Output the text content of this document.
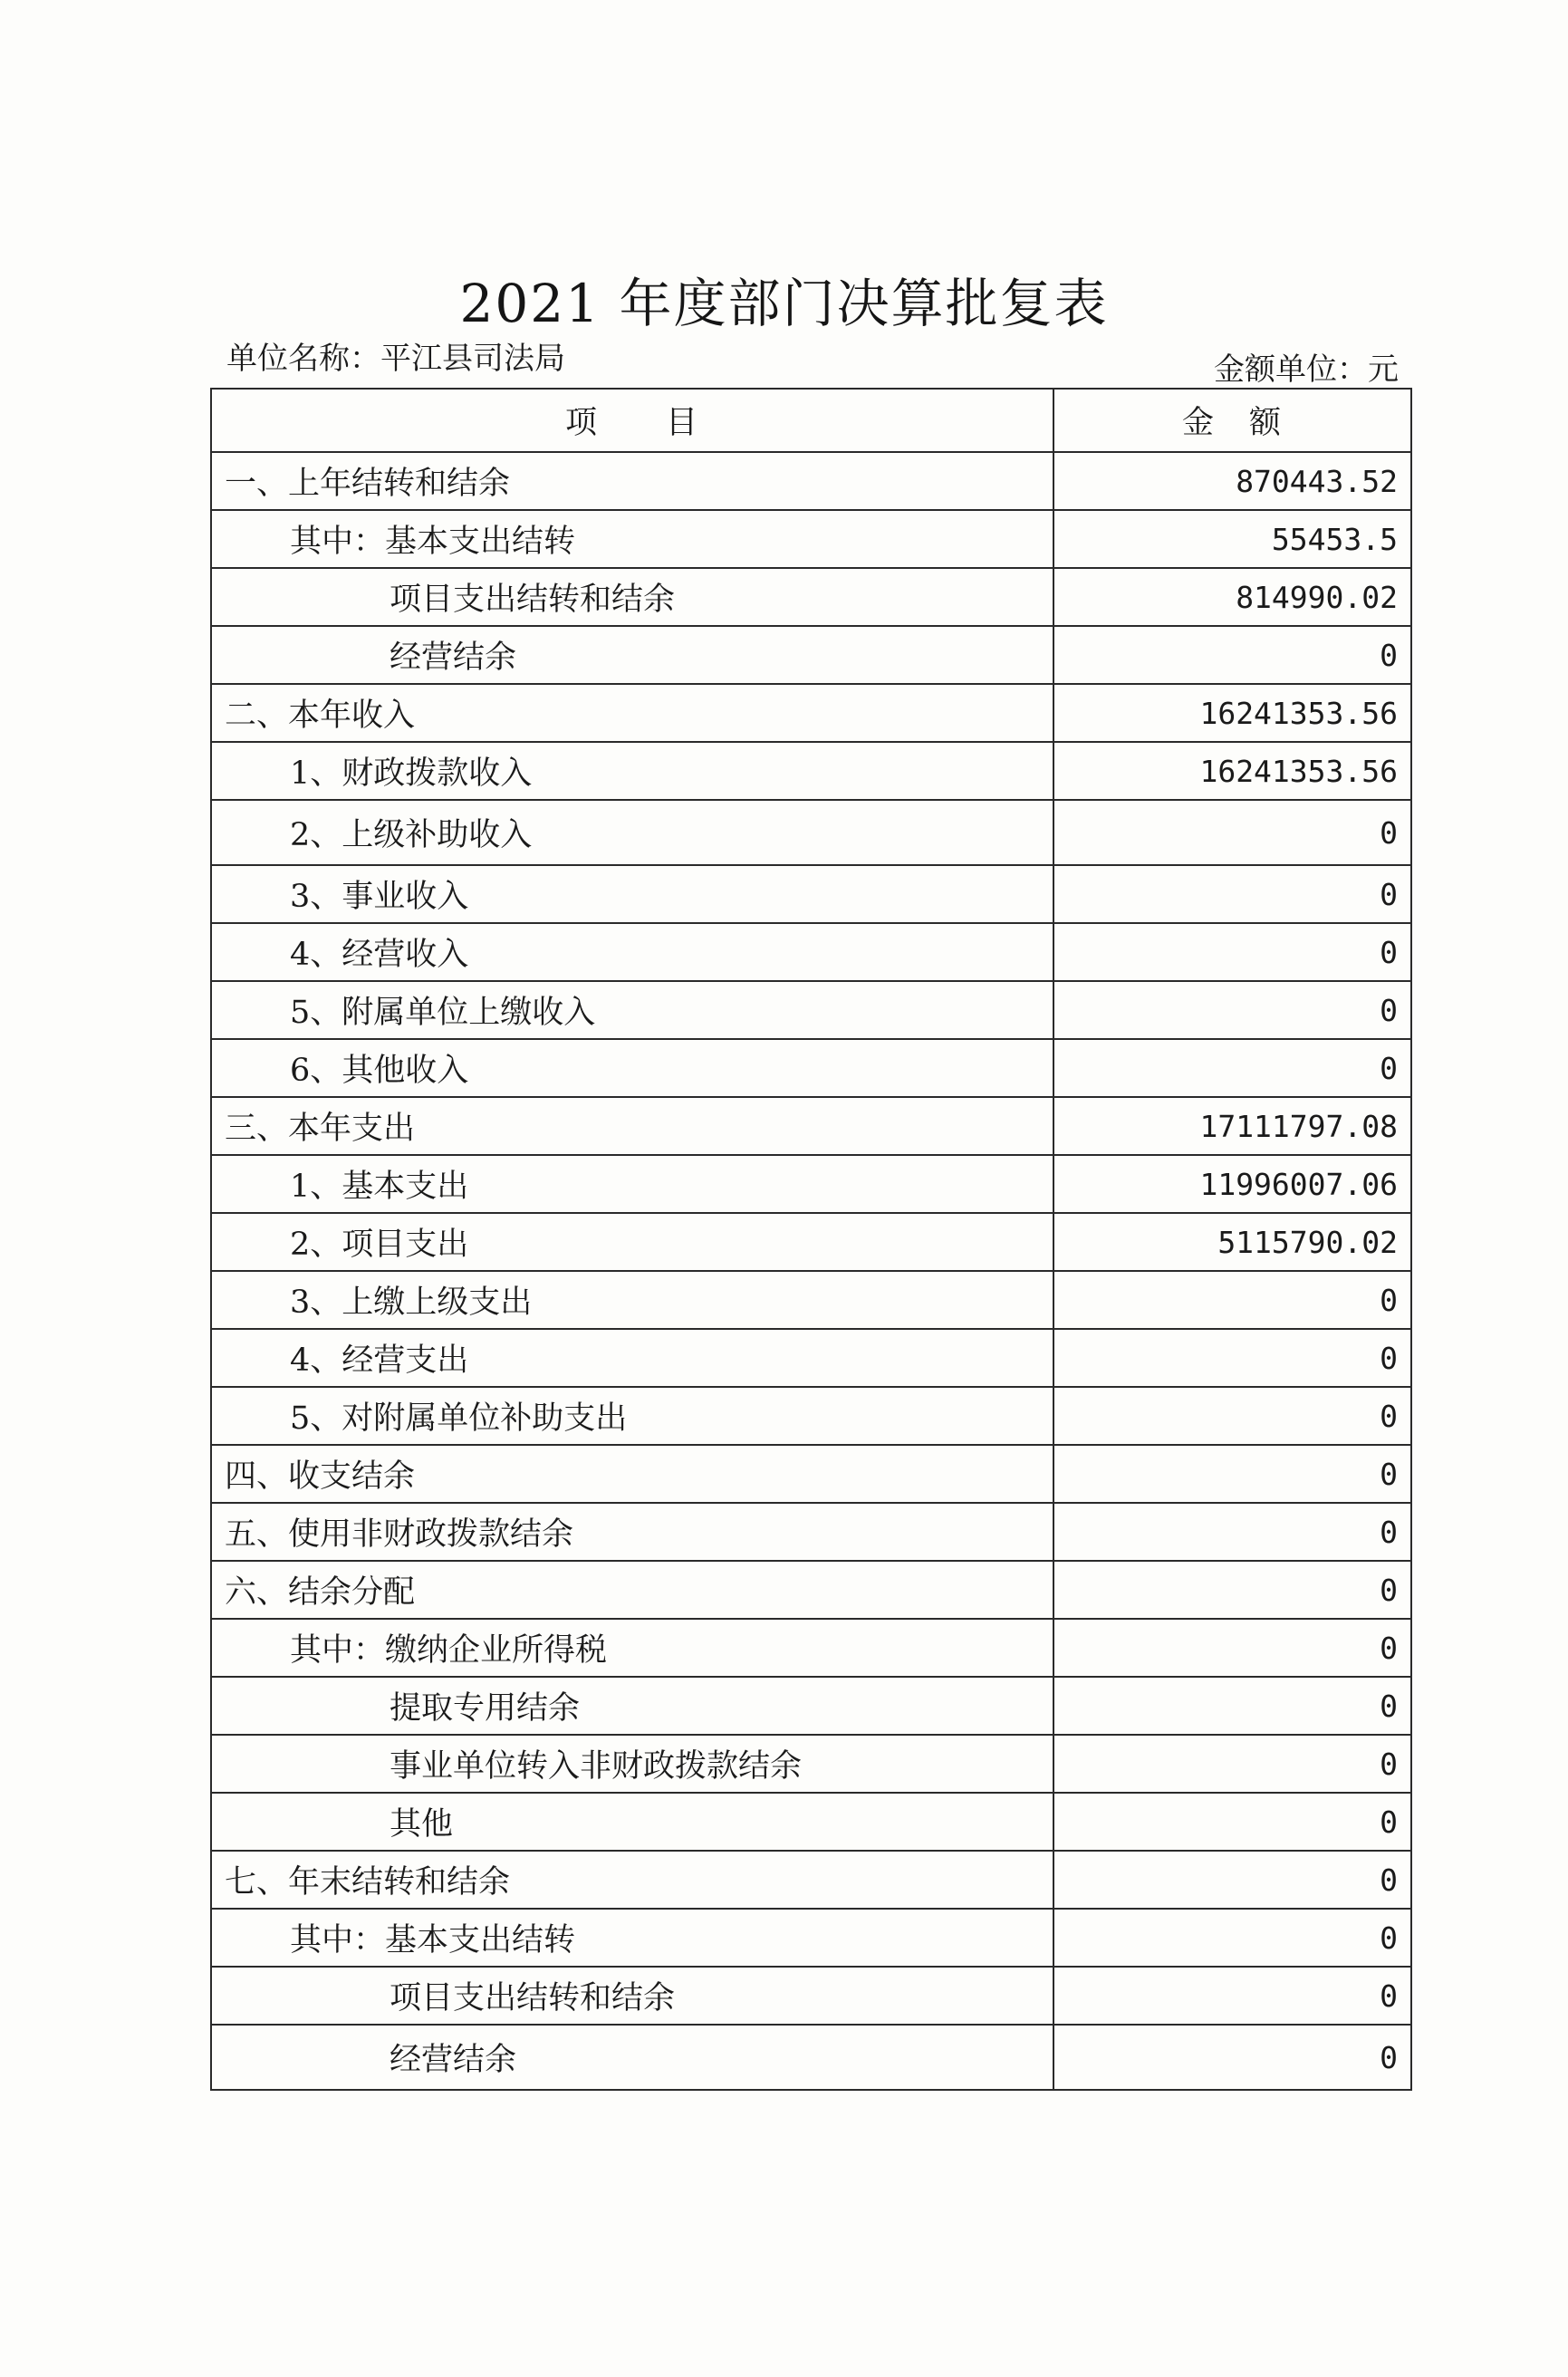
2021 年度部门决算批复表
单位名称：平江县司法局	金额单位：元
项　　目	金　额
一、上年结转和结余	870443.52
其中：基本支出结转	55453.5
项目支出结转和结余	814990.02
经营结余	0
二、本年收入	16241353.56
1、财政拨款收入	16241353.56
2、上级补助收入	0
3、事业收入	0
4、经营收入	0
5、附属单位上缴收入	0
6、其他收入	0
三、本年支出	17111797.08
1、基本支出	11996007.06
2、项目支出	5115790.02
3、上缴上级支出	0
4、经营支出	0
5、对附属单位补助支出	0
四、收支结余	0
五、使用非财政拨款结余	0
六、结余分配	0
其中：缴纳企业所得税	0
提取专用结余	0
事业单位转入非财政拨款结余	0
其他	0
七、年末结转和结余	0
其中：基本支出结转	0
项目支出结转和结余	0
经营结余	0
